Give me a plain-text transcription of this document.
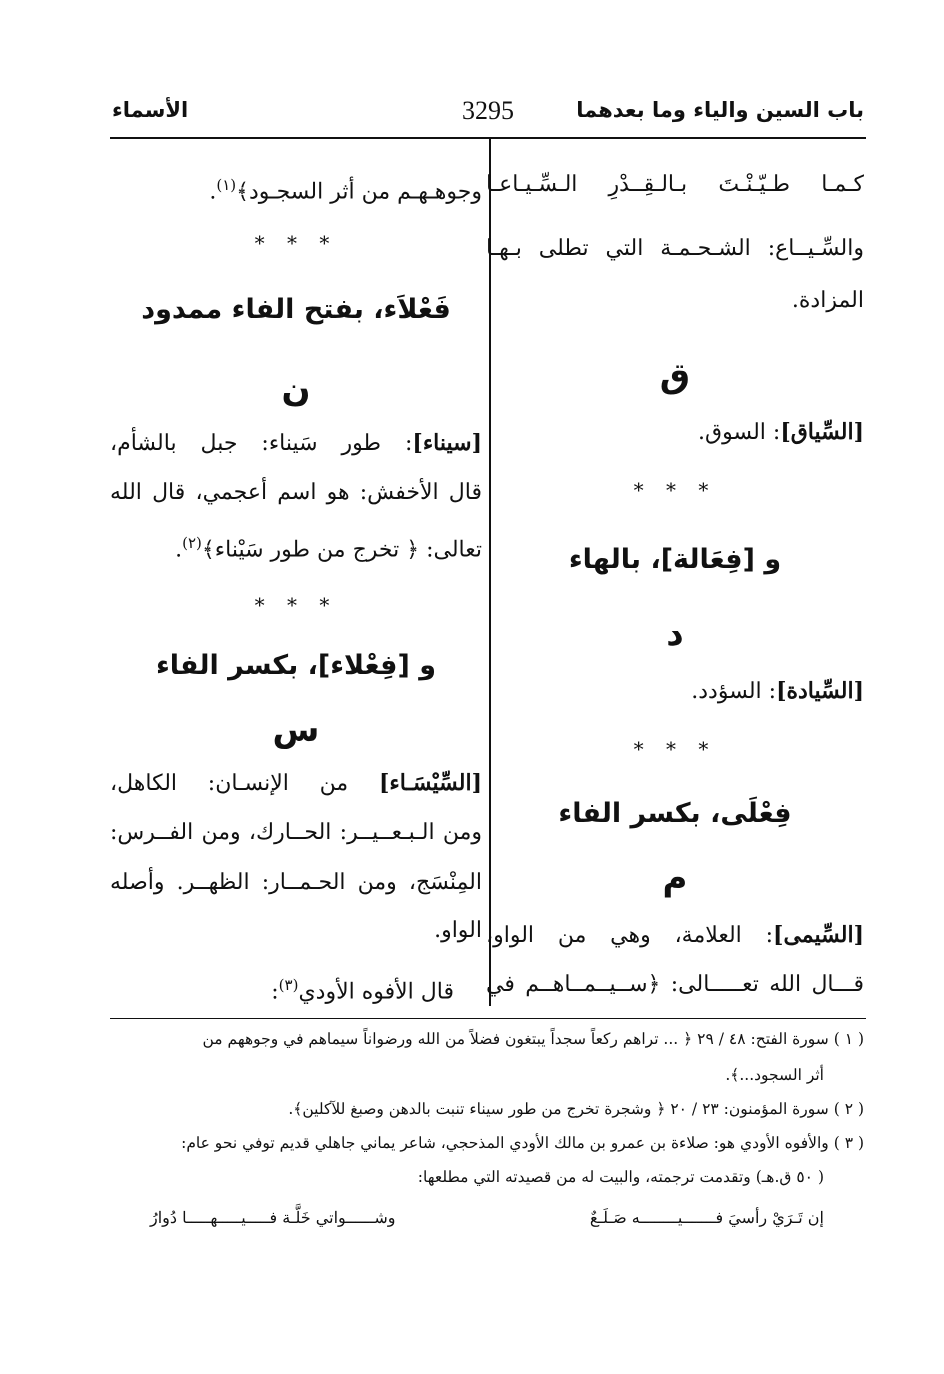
باب السين والياء وما بعدهما
3295
الأسماء
كـمـا طـيّـنْـتَ بـالـقِــدْرِ الـسِّـيـاعـا
والسِّـيــاع: الشـحـمـة التي تطلى بـهـا
المزادة.
ق
[السِّياق]: السوق.
* * *
و [فِعَالة]، بالهاء
د
[السِّيادة]: السؤدد.
* * *
فِعْلَى، بكسر الفاء
م
[السِّيمى]: العلامة، وهي من الواو،
قـــال الله تعـــــالى: ﴿ســيــمــاهــم في
وجوهـهـم من أثر السجـود﴾$^{(١)}$.
* * *
فَعْلاَء، بفتح الفاء ممدود
ن
[سيناء]: طور سَيناء: جبل بالشأم،
قال الأخفش: هو اسم أعجمي، قال الله
تعالى: ﴿ تخرج من طور سَيْناء﴾$^{(٢)}$.
* * *
و [فِعْلاء]، بكسر الفاء
س
[السِّيْسَـاء] من الإنسـان: الكاهل،
ومن الـبـعــيــر: الحــارك، ومن الفــرس:
المِنْسَج، ومن الحـمــار: الظهــر. وأصله
الواو.
قال الأفوه الأودي$^{(٣)}$:
( ١ ) سورة الفتح: ٤٨ / ٢٩ ﴿ ... تراهم ركعاً سجداً يبتغون فضلاً من الله ورضواناً سيماهم في وجوههم من
أثر السجود...﴾.
( ٢ ) سورة المؤمنون: ٢٣ / ٢٠ ﴿ وشجرة تخرج من طور سيناء تنبت بالدهن وصبغ للآكلين﴾.
( ٣ ) والأفوه الأودي هو: صلاءة بن عمرو بن مالك الأودي المذحجي، شاعر يماني جاهلي قديم توفي نحو عام:
( ٥٠ ق.هـ) وتقدمت ترجمته، والبيت له من قصيدته التي مطلعها:
إن تَـرَيْ رأسيَ فـــــــيــــــــه صَـلَـعٌ
وشــــــواتي خَلَّـة فـــــيـــــهـــــا دُوارُ
